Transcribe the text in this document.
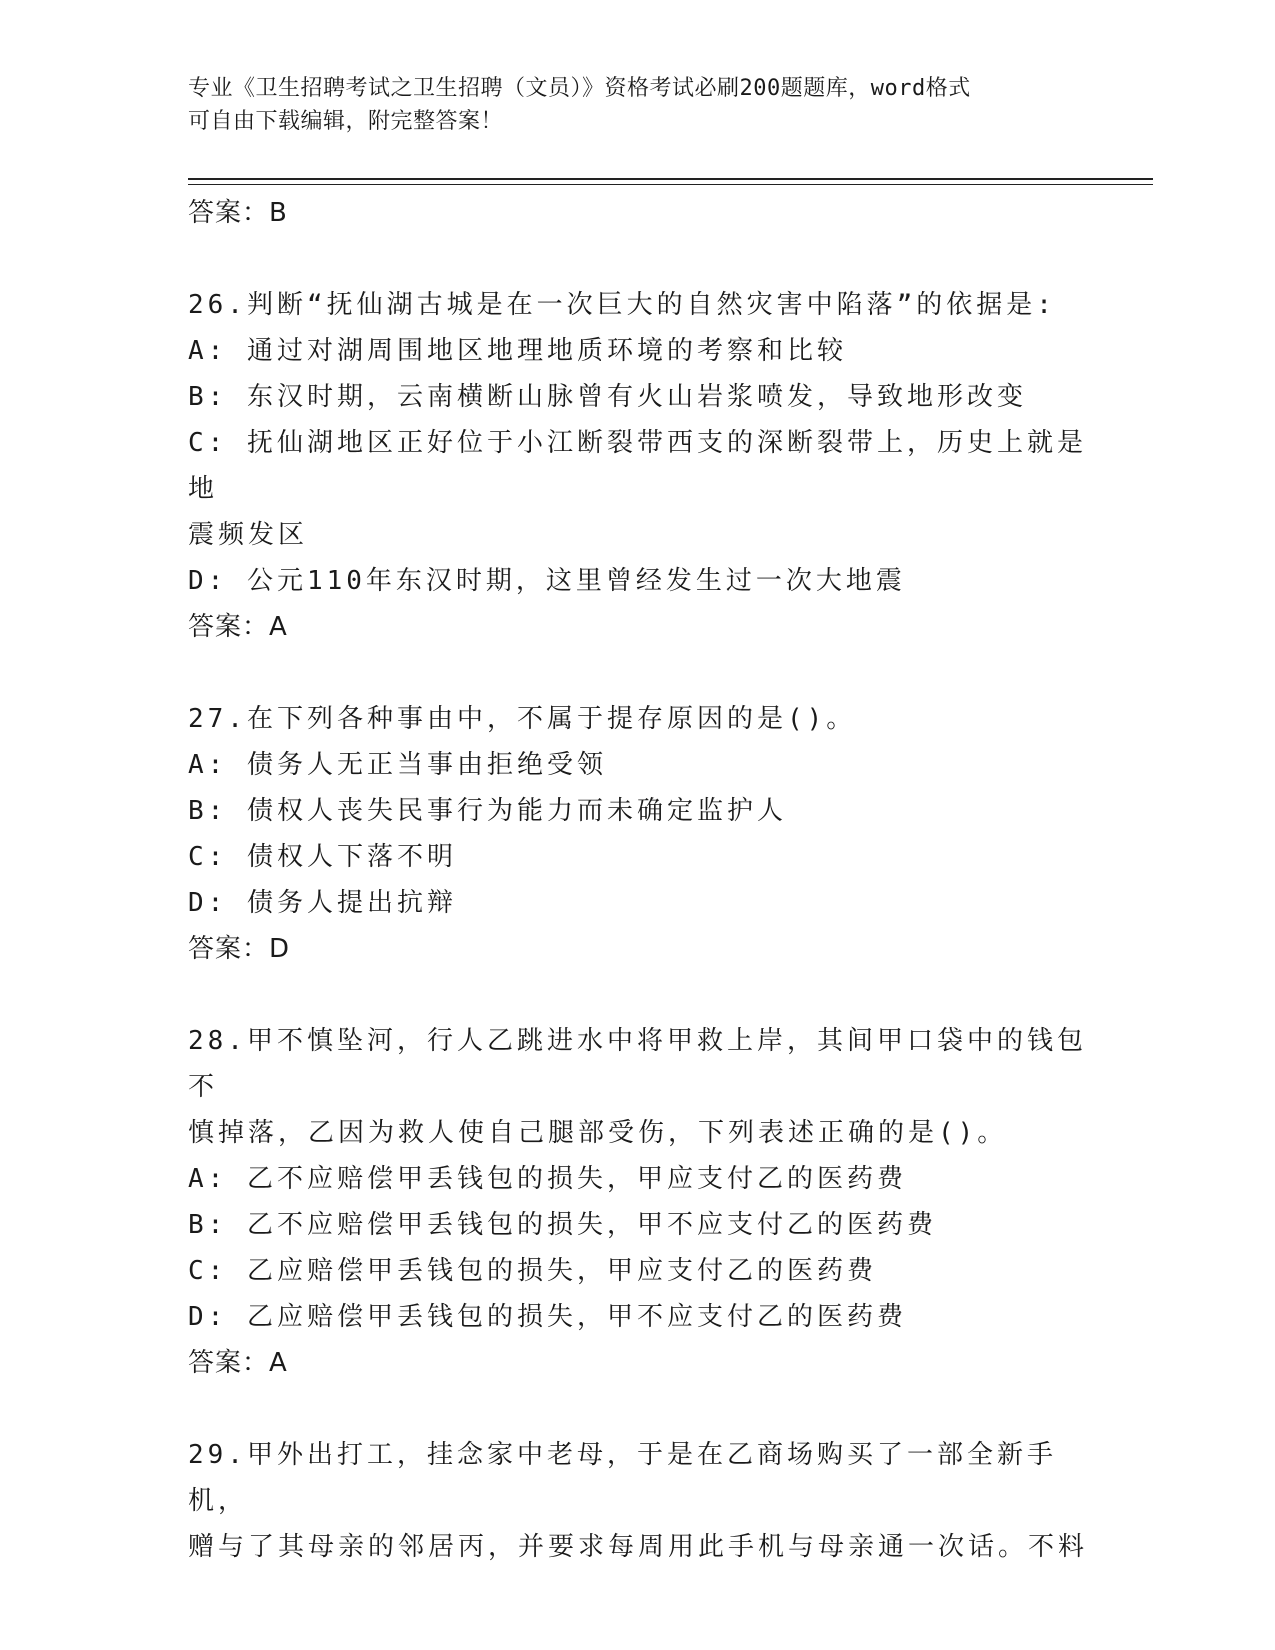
专业《卫生招聘考试之卫生招聘（文员）》资格考试必刷200题题库，word格式
可自由下载编辑，附完整答案！
答案：B
26.判断“抚仙湖古城是在一次巨大的自然灾害中陷落”的依据是:
A: 通过对湖周围地区地理地质环境的考察和比较
B: 东汉时期，云南横断山脉曾有火山岩浆喷发，导致地形改变
C: 抚仙湖地区正好位于小江断裂带西支的深断裂带上，历史上就是地
震频发区
D: 公元110年东汉时期，这里曾经发生过一次大地震
答案：A
27.在下列各种事由中，不属于提存原因的是()。
A: 债务人无正当事由拒绝受领
B: 债权人丧失民事行为能力而未确定监护人
C: 债权人下落不明
D: 债务人提出抗辩
答案：D
28.甲不慎坠河，行人乙跳进水中将甲救上岸，其间甲口袋中的钱包不
慎掉落，乙因为救人使自己腿部受伤，下列表述正确的是()。
A: 乙不应赔偿甲丢钱包的损失，甲应支付乙的医药费
B: 乙不应赔偿甲丢钱包的损失，甲不应支付乙的医药费
C: 乙应赔偿甲丢钱包的损失，甲应支付乙的医药费
D: 乙应赔偿甲丢钱包的损失，甲不应支付乙的医药费
答案：A
29.甲外出打工，挂念家中老母，于是在乙商场购买了一部全新手机，
赠与了其母亲的邻居丙，并要求每周用此手机与母亲通一次话。不料
